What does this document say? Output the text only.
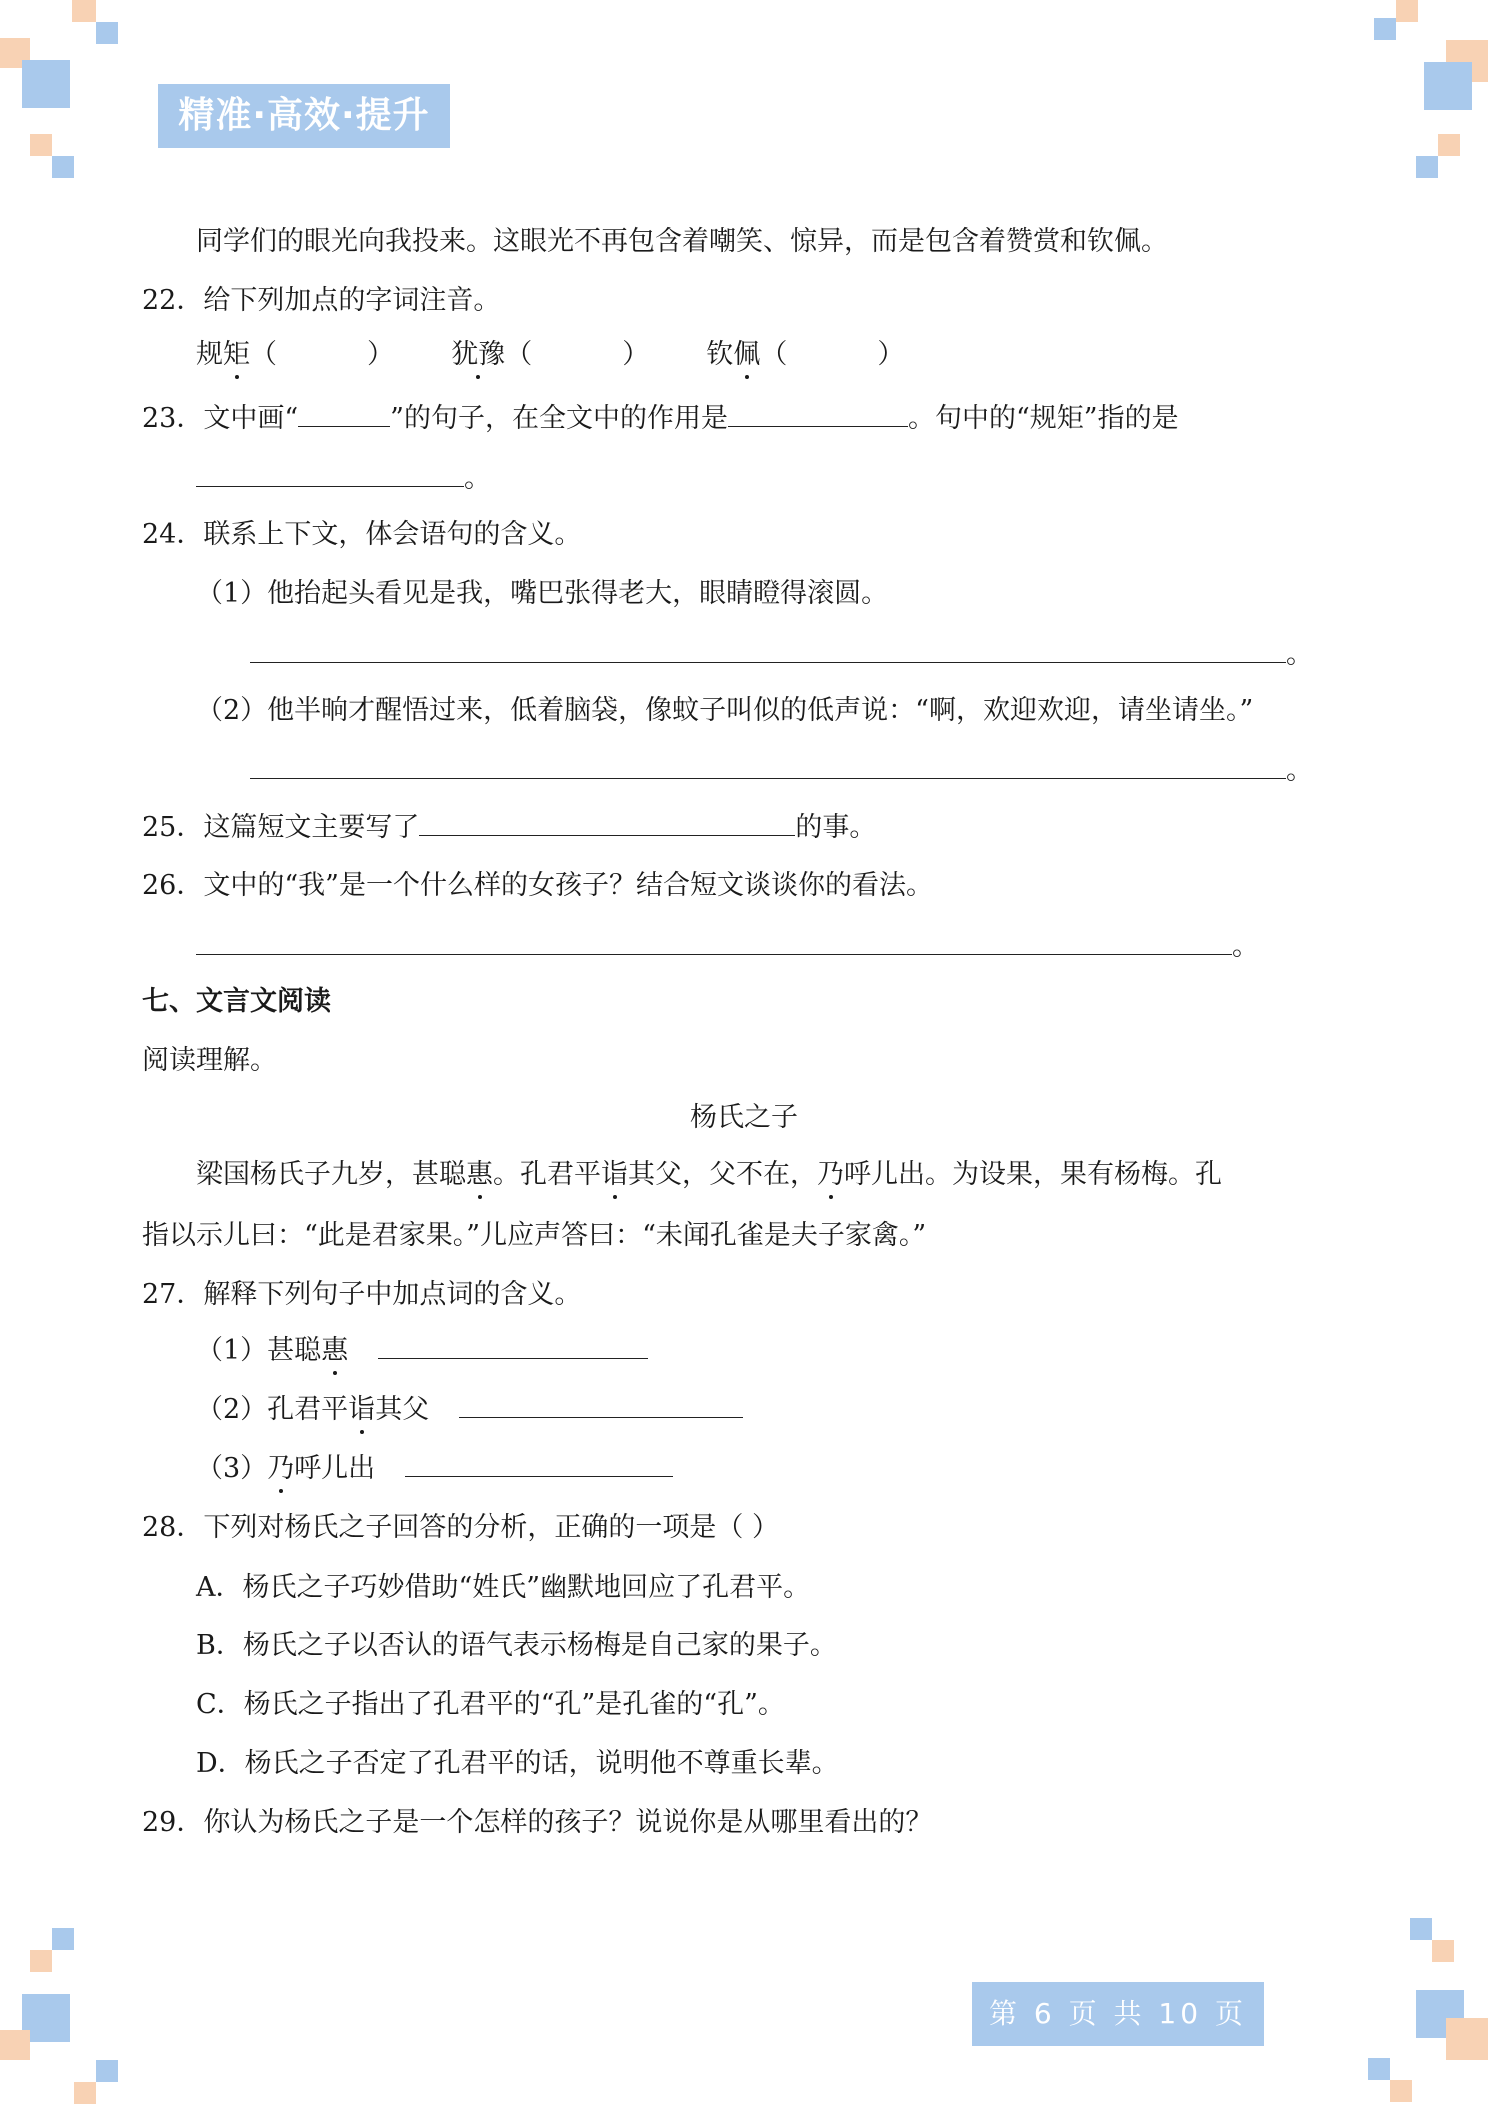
精准·高效·提升
同学们的眼光向我投来。这眼光不再包含着嘲笑、惊异，而是包含着赞赏和钦佩。
22．给下列加点的字词注音。
规矩（	） 犹豫（	） 钦佩（	）
23．文中画“	”的句子，在全文中的作用是	。句中的“规矩”指的是
。
24．联系上下文，体会语句的含义。
（1）他抬起头看见是我，嘴巴张得老大，眼睛瞪得滚圆。
。
（2）他半晌才醒悟过来，低着脑袋，像蚊子叫似的低声说：“啊，欢迎欢迎，请坐请坐。”
。
25．这篇短文主要写了	的事。
26．文中的“我”是一个什么样的女孩子？结合短文谈谈你的看法。
。
七、文言文阅读
阅读理解。
杨氏之子
梁国杨氏子九岁，甚聪惠。孔君平诣其父，父不在，乃呼儿出。为设果，果有杨梅。孔
指以示儿曰：“此是君家果。”儿应声答曰：“未闻孔雀是夫子家禽。”
27．解释下列句子中加点词的含义。
（1）甚聪惠
（2）孔君平诣其父
（3）乃呼儿出
28．下列对杨氏之子回答的分析，正确的一项是（ ）
A．杨氏之子巧妙借助“姓氏”幽默地回应了孔君平。
B．杨氏之子以否认的语气表示杨梅是自己家的果子。
C．杨氏之子指出了孔君平的“孔”是孔雀的“孔”。
D．杨氏之子否定了孔君平的话，说明他不尊重长辈。
29．你认为杨氏之子是一个怎样的孩子？说说你是从哪里看出的？
第 6 页 共 10 页
